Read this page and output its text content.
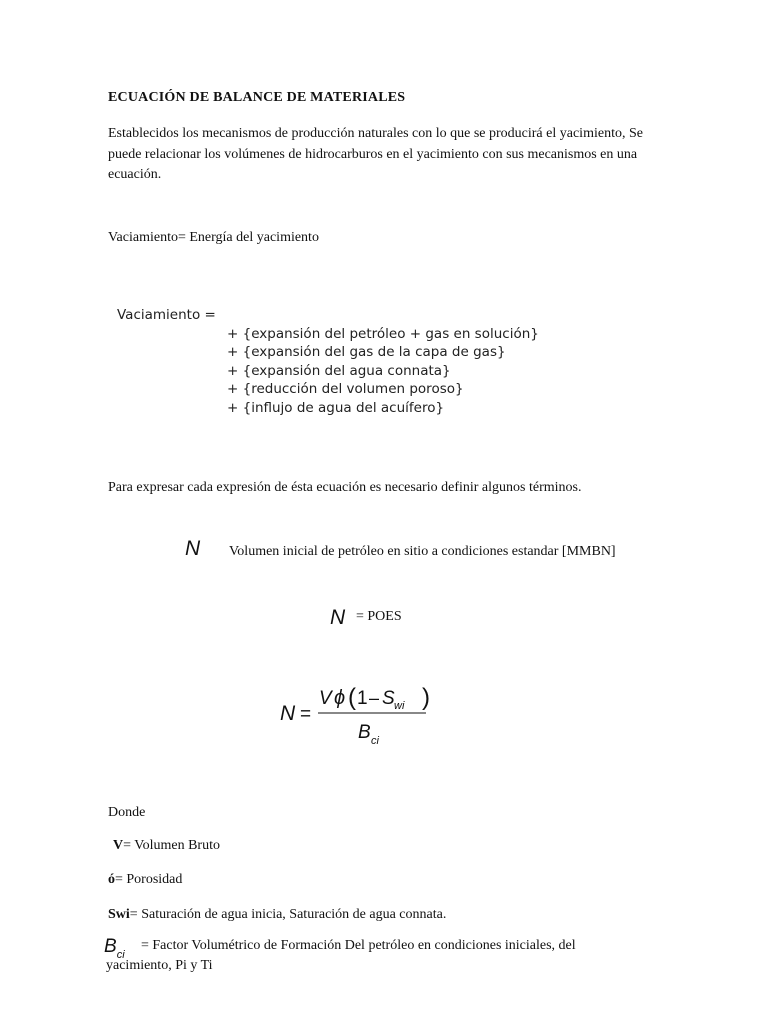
ECUACIÓN DE BALANCE DE MATERIALES
Establecidos los mecanismos de producción naturales con lo que se producirá el yacimiento, Se puede relacionar los volúmenes de hidrocarburos en el yacimiento con sus mecanismos en una ecuación.
Vaciamiento= Energía del yacimiento
Vaciamiento =
+ {expansión del petróleo + gas en solución}
+ {expansión del gas de la capa de gas}
+ {expansión del agua connata}
+ {reducción del volumen poroso}
+ {influjo de agua del acuífero}
Para expresar cada expresión de ésta ecuación es necesario definir algunos términos.
N Volumen inicial de petróleo en sitio a condiciones estandar [MMBN]
N = POES
N =
V ϕ ( 1 – S wi )
B ci
Donde
V= Volumen Bruto
ó= Porosidad
Swi= Saturación de agua inicia, Saturación de agua connata.
$B_{ci}$
= Factor Volumétrico de Formación Del petróleo en condiciones iniciales, del
yacimiento, Pi y Ti
